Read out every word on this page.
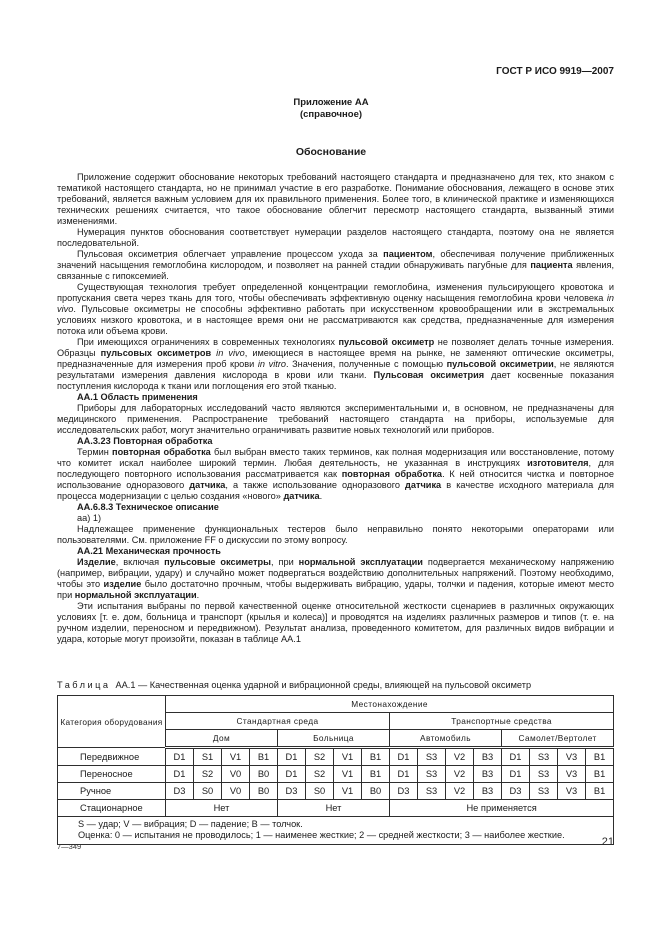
ГОСТ Р ИСО 9919—2007
Приложение АА
(справочное)
Обоснование
Приложение содержит обоснование некоторых требований настоящего стандарта и предназначено для тех, кто знаком с тематикой настоящего стандарта, но не принимал участие в его разработке. Понимание обоснования, лежащего в основе этих требований, является важным условием для их правильного применения. Более того, в клинической практике и изменяющихся технических решениях считается, что такое обоснование облегчит пересмотр настоящего стандарта, вызванный этими изменениями.
Нумерация пунктов обоснования соответствует нумерации разделов настоящего стандарта, поэтому она не является последовательной.
Пульсовая оксиметрия облегчает управление процессом ухода за пациентом, обеспечивая получение приближенных значений насыщения гемоглобина кислородом, и позволяет на ранней стадии обнаруживать пагубные для пациента явления, связанные с гипоксемией.
Существующая технология требует определенной концентрации гемоглобина, изменения пульсирующего кровотока и пропускания света через ткань для того, чтобы обеспечивать эффективную оценку насыщения гемоглобина крови человека in vivo. Пульсовые оксиметры не способны эффективно работать при искусственном кровообращении или в экстремальных условиях низкого кровотока, и в настоящее время они не рассматриваются как средства, предназначенные для измерения потока или объема крови.
При имеющихся ограничениях в современных технологиях пульсовой оксиметр не позволяет делать точные измерения. Образцы пульсовых оксиметров in vivo, имеющиеся в настоящее время на рынке, не заменяют оптические оксиметры, предназначенные для измерения проб крови in vitro. Значения, полученные с помощью пульсовой оксиметрии, не являются результатами измерения давления кислорода в крови или ткани. Пульсовая оксиметрия дает косвенные показания поступления кислорода к ткани или поглощения его этой тканью.
АА.1 Область применения
Приборы для лабораторных исследований часто являются экспериментальными и, в основном, не предназначены для медицинского применения. Распространение требований настоящего стандарта на приборы, используемые для исследовательских работ, могут значительно ограничивать развитие новых технологий или приборов.
АА.3.23 Повторная обработка
Термин повторная обработка был выбран вместо таких терминов, как полная модернизация или восстановление, потому что комитет искал наиболее широкий термин. Любая деятельность, не указанная в инструкциях изготовителя, для последующего повторного использования рассматривается как повторная обработка. К ней относится чистка и повторное использование одноразового датчика, а также использование одноразового датчика в качестве исходного материала для процесса модернизации с целью создания «нового» датчика.
АА.6.8.3 Техническое описание
аа) 1)
Надлежащее применение функциональных тестеров было неправильно понято некоторыми операторами или пользователями. См. приложение FF о дискуссии по этому вопросу.
АА.21 Механическая прочность
Изделие, включая пульсовые оксиметры, при нормальной эксплуатации подвергается механическому напряжению (например, вибрации, удару) и случайно может подвергаться воздействию дополнительных напряжений. Поэтому необходимо, чтобы это изделие было достаточно прочным, чтобы выдерживать вибрацию, удары, толчки и падения, которые имеют место при нормальной эксплуатации.
Эти испытания выбраны по первой качественной оценке относительной жесткости сценариев в различных окружающих условиях [т. е. дом, больница и транспорт (крылья и колеса)] и проводятся на изделиях различных размеров и типов (т. е. на ручном изделии, переносном и передвижном). Результат анализа, проведенного комитетом, для различных видов вибрации и удара, которые могут произойти, показан в таблице АА.1
Таблица АА.1 — Качественная оценка ударной и вибрационной среды, влияющей на пульсовой оксиметр
Категория оборудования	Местонахождение															
	Стандартная среда								Транспортные средства							
	Дом				Больница				Автомобиль				Самолет/Вертолет			
Передвижное	D1	S1	V1	B1	D1	S2	V1	B1	D1	S3	V2	B3	D1	S3	V3	B1
Переносное	D1	S2	V0	B0	D1	S2	V1	B1	D1	S3	V2	B3	D1	S3	V3	B1
Ручное	D3	S0	V0	B0	D3	S0	V1	B0	D3	S3	V2	B3	D3	S3	V3	B1
Стационарное	Нет				Нет				Не применяется							

S — удар; V — вибрация; D — падение; B — толчок.
Оценка: 0 — испытания не проводилось; 1 — наименее жесткие; 2 — средней жесткости; 3 — наиболее жесткие.																
7—349	21
